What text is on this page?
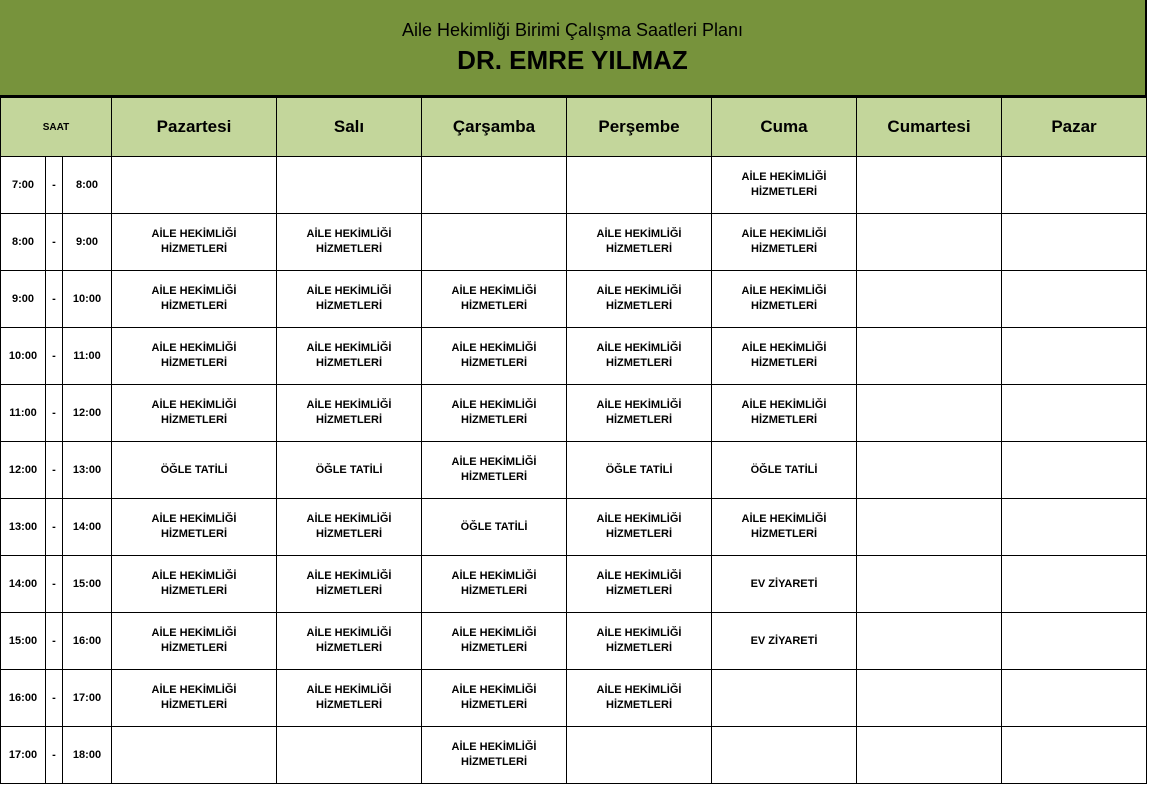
Aile Hekimliği Birimi Çalışma Saatleri Planı
DR. EMRE YILMAZ
SAAT			Pazartesi	Salı	Çarşamba	Perşembe	Cuma	Cumartesi	Pazar
7:00	-	8:00					AİLE HEKİMLİĞİ HİZMETLERİ		
8:00	-	9:00	AİLE HEKİMLİĞİ HİZMETLERİ	AİLE HEKİMLİĞİ HİZMETLERİ		AİLE HEKİMLİĞİ HİZMETLERİ	AİLE HEKİMLİĞİ HİZMETLERİ		
9:00	-	10:00	AİLE HEKİMLİĞİ HİZMETLERİ	AİLE HEKİMLİĞİ HİZMETLERİ	AİLE HEKİMLİĞİ HİZMETLERİ	AİLE HEKİMLİĞİ HİZMETLERİ	AİLE HEKİMLİĞİ HİZMETLERİ		
10:00	-	11:00	AİLE HEKİMLİĞİ HİZMETLERİ	AİLE HEKİMLİĞİ HİZMETLERİ	AİLE HEKİMLİĞİ HİZMETLERİ	AİLE HEKİMLİĞİ HİZMETLERİ	AİLE HEKİMLİĞİ HİZMETLERİ		
11:00	-	12:00	AİLE HEKİMLİĞİ HİZMETLERİ	AİLE HEKİMLİĞİ HİZMETLERİ	AİLE HEKİMLİĞİ HİZMETLERİ	AİLE HEKİMLİĞİ HİZMETLERİ	AİLE HEKİMLİĞİ HİZMETLERİ		
12:00	-	13:00	ÖĞLE TATİLİ	ÖĞLE TATİLİ	AİLE HEKİMLİĞİ HİZMETLERİ	ÖĞLE TATİLİ	ÖĞLE TATİLİ		
13:00	-	14:00	AİLE HEKİMLİĞİ HİZMETLERİ	AİLE HEKİMLİĞİ HİZMETLERİ	ÖĞLE TATİLİ	AİLE HEKİMLİĞİ HİZMETLERİ	AİLE HEKİMLİĞİ HİZMETLERİ		
14:00	-	15:00	AİLE HEKİMLİĞİ HİZMETLERİ	AİLE HEKİMLİĞİ HİZMETLERİ	AİLE HEKİMLİĞİ HİZMETLERİ	AİLE HEKİMLİĞİ HİZMETLERİ	EV ZİYARETİ		
15:00	-	16:00	AİLE HEKİMLİĞİ HİZMETLERİ	AİLE HEKİMLİĞİ HİZMETLERİ	AİLE HEKİMLİĞİ HİZMETLERİ	AİLE HEKİMLİĞİ HİZMETLERİ	EV ZİYARETİ		
16:00	-	17:00	AİLE HEKİMLİĞİ HİZMETLERİ	AİLE HEKİMLİĞİ HİZMETLERİ	AİLE HEKİMLİĞİ HİZMETLERİ	AİLE HEKİMLİĞİ HİZMETLERİ			
17:00	-	18:00			AİLE HEKİMLİĞİ HİZMETLERİ				
